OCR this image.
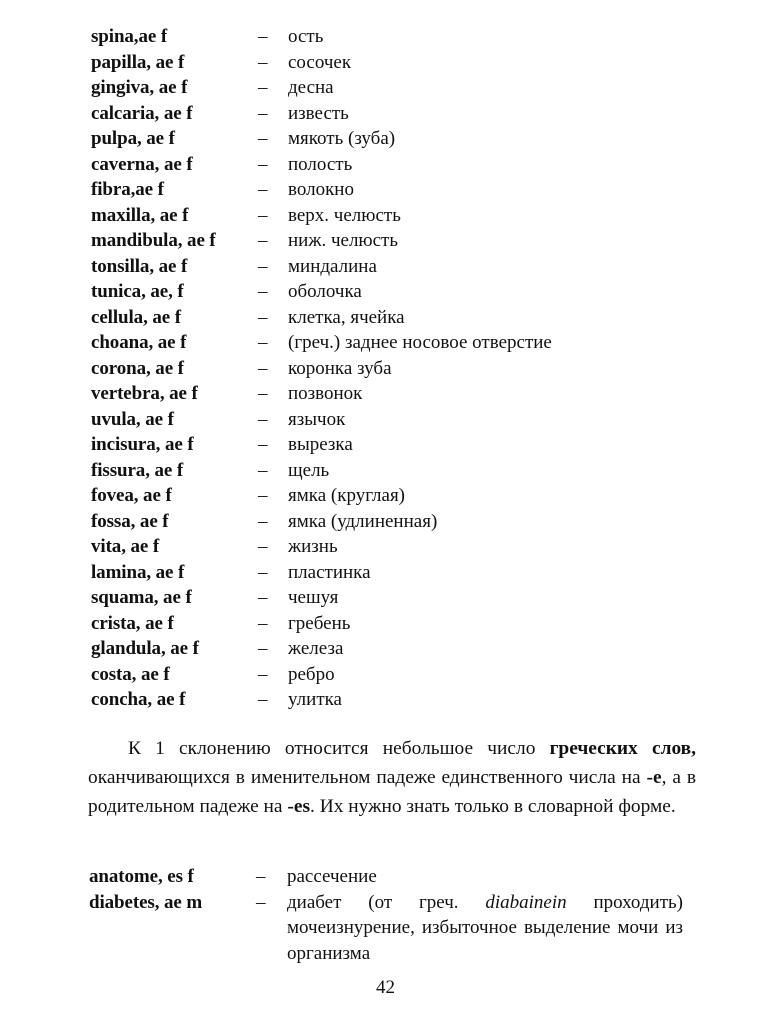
spina,ae f	– ость
papilla, ae f	– сосочек
gingiva, ae f	– десна
calcaria, ae f	– известь
pulpa, ae f	– мякоть (зуба)
caverna, ae f	– полость
fibra,ae f	– волокно
maxilla, ae f	– верх. челюсть
mandibula, ae f – ниж. челюсть
tonsilla, ae f	– миндалина
tunica, ae, f	– оболочка
cellula, ae f	– клетка, ячейка
choana, ae f	– (греч.) заднее носовое отверстие
corona, ae f	– коронка зуба
vertebra, ae f	– позвонок
uvula, ae f	– язычок
incisura, ae f	– вырезка
fissura, ae f	– щель
fovea, ae f	– ямка (круглая)
fossa, ae f	– ямка (удлиненная)
vita, ae f	– жизнь
lamina, ae f	– пластинка
squama, ae f	– чешуя
crista, ae f	– гребень
glandula, ae f	– железа
costa, ae f	– ребро
concha, ae f	– улитка
К 1 склонению относится небольшое число греческих слов, оканчивающихся в именительном падеже единственного числа на -е, а в родительном падеже на -es. Их нужно знать только в словарной форме.
anatome, es f	– рассечение
diabetes, ae m	– диабет (от греч. diabainein проходить) мочеизнурение, избыточное выделение мочи из организма
42
